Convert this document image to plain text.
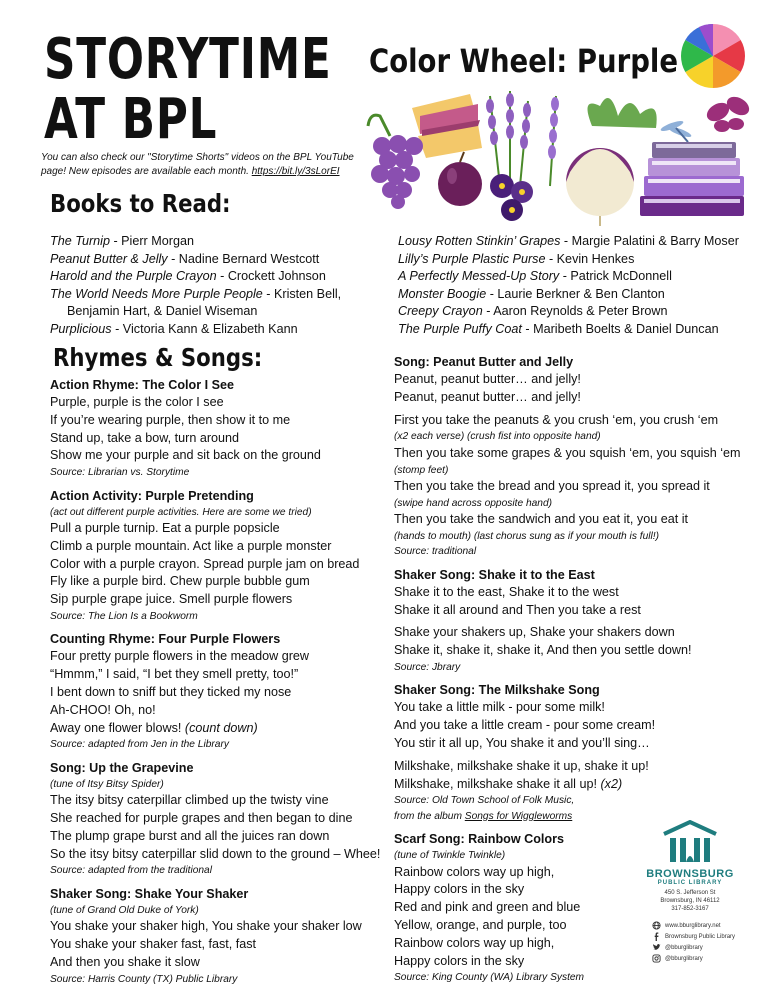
STORYTIME
AT BPL
Color Wheel: Purple
You can also check our "Storytime Shorts" videos on the BPL YouTube
page! New episodes are available each month. https://bit.ly/3sLorEI
Books to Read:
The Turnip - Pierr Morgan
Peanut Butter & Jelly - Nadine Bernard Westcott
Harold and the Purple Crayon - Crockett Johnson
The World Needs More Purple People - Kristen Bell,
Benjamin Hart, & Daniel Wiseman
Purplicious - Victoria Kann & Elizabeth Kann
Lousy Rotten Stinkin’ Grapes - Margie Palatini & Barry Moser
Lilly’s Purple Plastic Purse - Kevin Henkes
A Perfectly Messed-Up Story - Patrick McDonnell
Monster Boogie - Laurie Berkner & Ben Clanton
Creepy Crayon - Aaron Reynolds & Peter Brown
The Purple Puffy Coat - Maribeth Boelts & Daniel Duncan
Rhymes & Songs:
Action Rhyme: The Color I See
Purple, purple is the color I see
If you’re wearing purple, then show it to me
Stand up, take a bow, turn around
Show me your purple and sit back on the ground
Source: Librarian vs. Storytime
Action Activity: Purple Pretending
(act out different purple activities. Here are some we tried)
Pull a purple turnip. Eat a purple popsicle
Climb a purple mountain. Act like a purple monster
Color with a purple crayon. Spread purple jam on bread
Fly like a purple bird. Chew purple bubble gum
Sip purple grape juice. Smell purple flowers
Source: The Lion Is a Bookworm
Counting Rhyme: Four Purple Flowers
Four pretty purple flowers in the meadow grew
“Hmmm,” I said, “I bet they smell pretty, too!”
I bent down to sniff but they ticked my nose
Ah-CHOO! Oh, no!
Away one flower blows! (count down)
Source: adapted from Jen in the Library
Song: Up the Grapevine
(tune of Itsy Bitsy Spider)
The itsy bitsy caterpillar climbed up the twisty vine
She reached for purple grapes and then began to dine
The plump grape burst and all the juices ran down
So the itsy bitsy caterpillar slid down to the ground – Whee!
Source: adapted from the traditional
Shaker Song: Shake Your Shaker
(tune of Grand Old Duke of York)
You shake your shaker high, You shake your shaker low
You shake your shaker fast, fast, fast
And then you shake it slow
Source: Harris County (TX) Public Library
Song: Peanut Butter and Jelly
Peanut, peanut butter… and jelly!
Peanut, peanut butter… and jelly!
First you take the peanuts & you crush ‘em, you crush ‘em
(x2 each verse) (crush fist into opposite hand)
Then you take some grapes & you squish ‘em, you squish ‘em
(stomp feet)
Then you take the bread and you spread it, you spread it
(swipe hand across opposite hand)
Then you take the sandwich and you eat it, you eat it
(hands to mouth) (last chorus sung as if your mouth is full!)
Source: traditional
Shaker Song: Shake it to the East
Shake it to the east, Shake it to the west
Shake it all around and Then you take a rest
Shake your shakers up, Shake your shakers down
Shake it, shake it, shake it, And then you settle down!
Source: Jbrary
Shaker Song: The Milkshake Song
You take a little milk - pour some milk!
And you take a little cream - pour some cream!
You stir it all up, You shake it and you’ll sing…
Milkshake, milkshake shake it up, shake it up!
Milkshake, milkshake shake it all up! (x2)
Source: Old Town School of Folk Music,
from the album Songs for Wiggleworms
Scarf Song: Rainbow Colors
(tune of Twinkle Twinkle)
Rainbow colors way up high,
Happy colors in the sky
Red and pink and green and blue
Yellow, orange, and purple, too
Rainbow colors way up high,
Happy colors in the sky
Source: King County (WA) Library System
BROWNSBURG
PUBLIC LIBRARY
450 S. Jefferson St
Brownsburg, IN 46112
317-852-3167
www.bburglibrary.net
Brownsburg Public Library
@bburglibrary
@bburglibrary
